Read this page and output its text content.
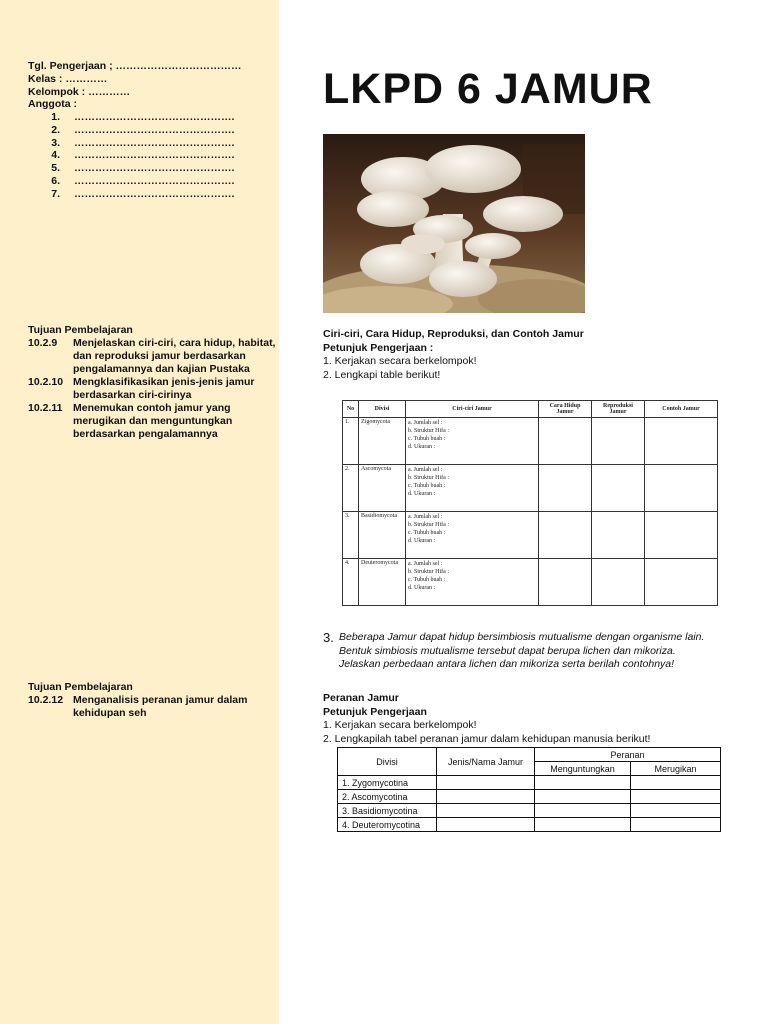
Tgl. Pengerjaan ; ………………………………
Kelas : …………
Kelompok : …………
Anggota :
1.	……………………………………….
2.	……………………………………….
3.	……………………………………….
4.	……………………………………….
5.	……………………………………….
6.	……………………………………….
7.	……………………………………….
Tujuan Pembelajaran
10.2.9	Menjelaskan ciri-ciri, cara hidup, habitat, dan reproduksi jamur berdasarkan pengalamannya dan kajian Pustaka
10.2.10 Mengklasifikasikan jenis-jenis jamur berdasarkan ciri-cirinya
10.2.11	Menemukan contoh jamur yang merugikan dan menguntungkan berdasarkan pengalamannya
Tujuan Pembelajaran
10.2.12 Menganalisis peranan jamur dalam kehidupan seh
LKPD 6 JAMUR
Ciri-ciri, Cara Hidup, Reproduksi, dan Contoh Jamur
Petunjuk Pengerjaan :
1. Kerjakan secara berkelompok!
2. Lengkapi table berikut!
No	Divisi	Ciri-ciri Jamur	Cara Hidup Jamur	Reproduksi Jamur	Contoh Jamur
1.	Zigomycota	a. Jumlah sel :
b. Struktur Hifa :
c. Tubuh buah :
d. Ukuran :			

2.	Ascomycota	a. Jumlah sel :
b. Struktur Hifa :
c. Tubuh buah :
d. Ukuran :			

3.	Basidiomycota	a. Jumlah sel :
b. Struktur Hifa :
c. Tubuh buah :
d. Ukuran :			

4.	Deuteromycota	a. Jumlah sel :
b. Struktur Hifa :
c. Tubuh buah :
d. Ukuran :			

3. Beberapa Jamur dapat hidup bersimbiosis mutualisme dengan organisme lain.
Bentuk simbiosis mutualisme tersebut dapat berupa lichen dan mikoriza.
Jelaskan perbedaan antara lichen dan mikoriza serta berilah contohnya!
Peranan Jamur
Petunjuk Pengerjaan
1. Kerjakan secara berkelompok!
2. Lengkapilah tabel peranan jamur dalam kehidupan manusia berikut!
Divisi	Jenis/Nama Jamur	Peranan	
		Menguntungkan	Merugikan
1. Zygomycotina			
2. Ascomycotina			
3. Basidiomycotina			
4. Deuteromycotina			
